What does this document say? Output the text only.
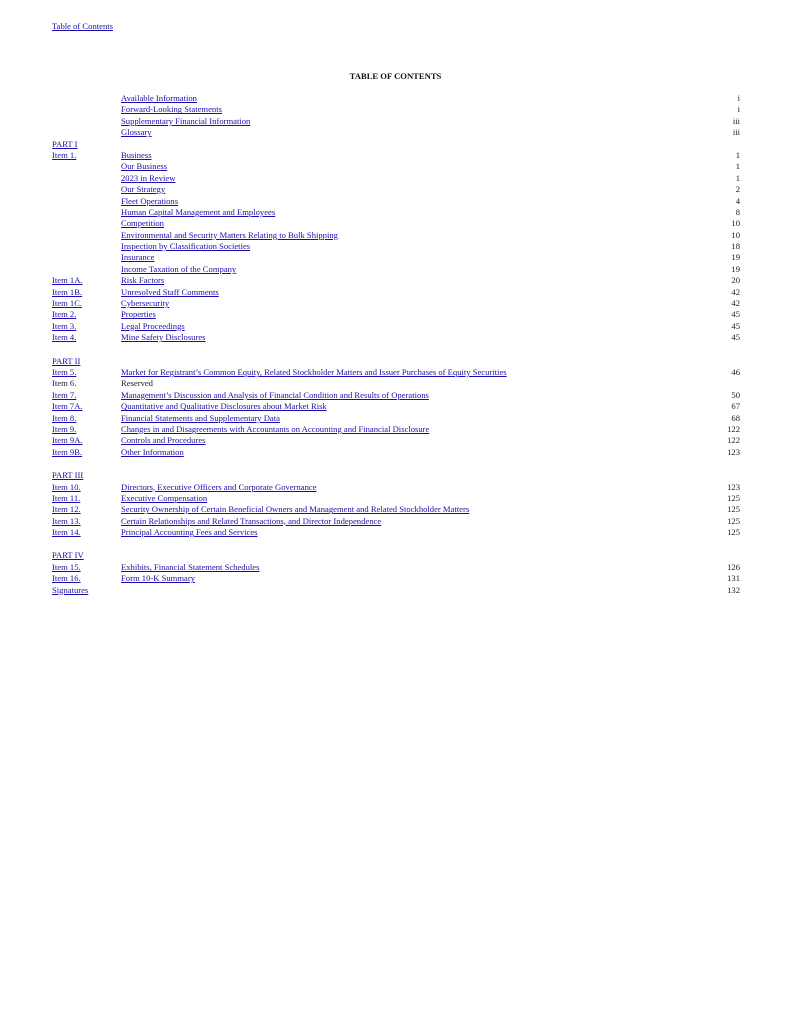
Table of Contents
TABLE OF CONTENTS
Available Information	i
Forward-Looking Statements	i
Supplementary Financial Information	iii
Glossary	iii
PART I
Item 1.	Business	1
Our Business	1
2023 in Review	1
Our Strategy	2
Fleet Operations	4
Human Capital Management and Employees	8
Competition	10
Environmental and Security Matters Relating to Bulk Shipping	10
Inspection by Classification Societies	18
Insurance	19
Income Taxation of the Company	19
Item 1A.	Risk Factors	20
Item 1B.	Unresolved Staff Comments	42
Item 1C.	Cybersecurity	42
Item 2.	Properties	45
Item 3.	Legal Proceedings	45
Item 4.	Mine Safety Disclosures	45
PART II
Item 5.	Market for Registrant’s Common Equity, Related Stockholder Matters and Issuer Purchases of Equity Securities	46
Item 6.	Reserved
Item 7.	Management’s Discussion and Analysis of Financial Condition and Results of Operations	50
Item 7A.	Quantitative and Qualitative Disclosures about Market Risk	67
Item 8.	Financial Statements and Supplementary Data	68
Item 9.	Changes in and Disagreements with Accountants on Accounting and Financial Disclosure	122
Item 9A.	Controls and Procedures	122
Item 9B.	Other Information	123
PART III
Item 10.	Directors, Executive Officers and Corporate Governance	123
Item 11.	Executive Compensation	125
Item 12.	Security Ownership of Certain Beneficial Owners and Management and Related Stockholder Matters	125
Item 13.	Certain Relationships and Related Transactions, and Director Independence	125
Item 14.	Principal Accounting Fees and Services	125
PART IV
Item 15.	Exhibits, Financial Statement Schedules	126
Item 16.	Form 10-K Summary	131
Signatures	132
